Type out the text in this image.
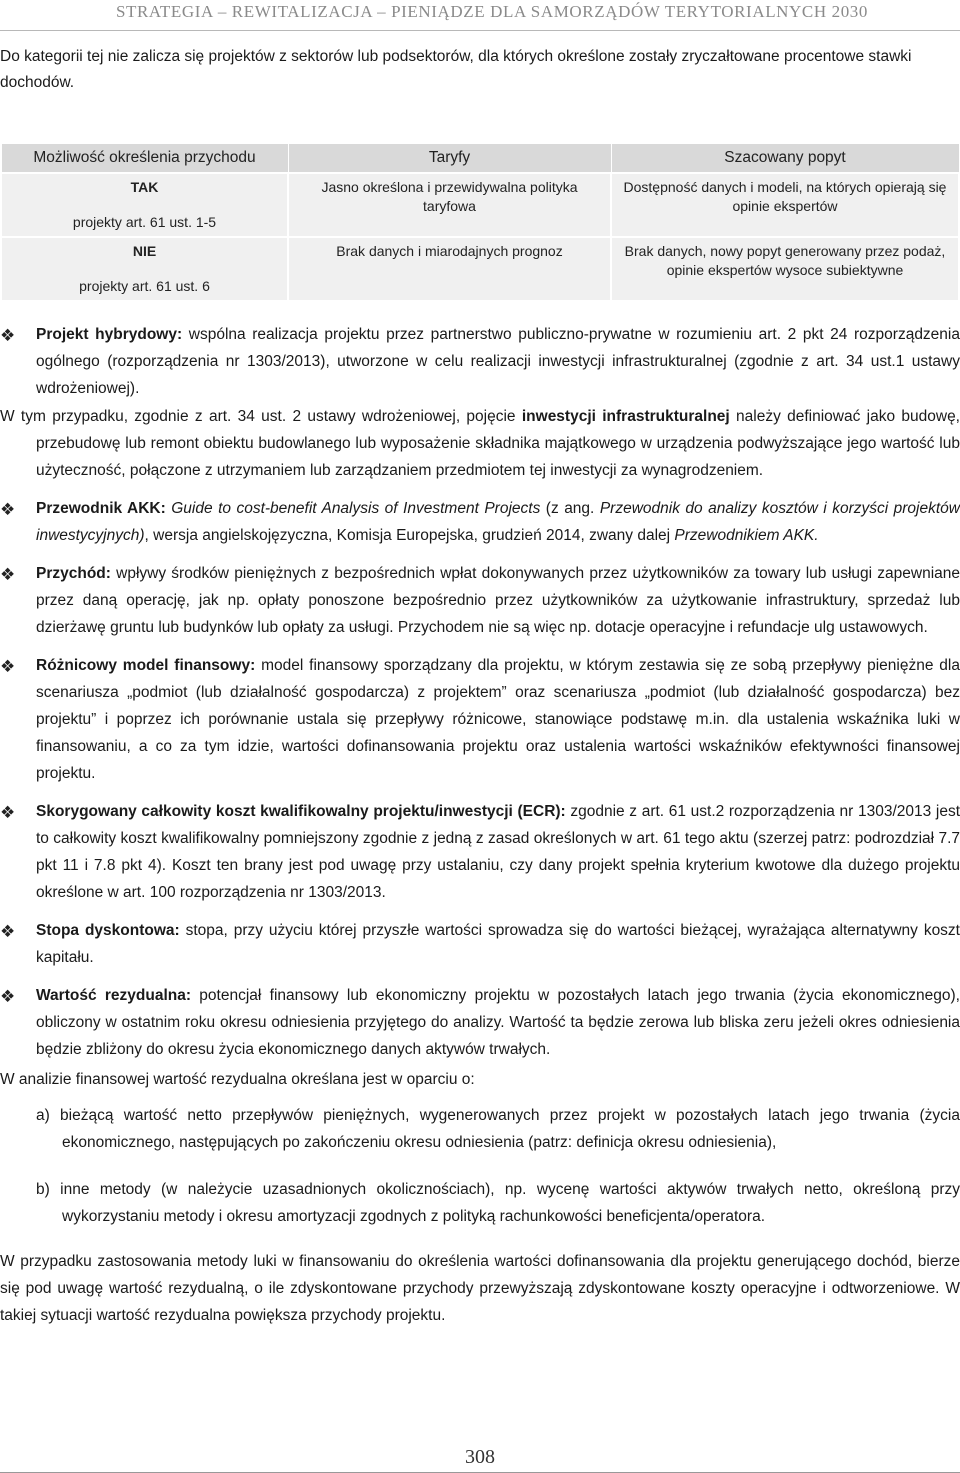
STRATEGIA – REWITALIZACJA – PIENIĄDZE DLA SAMORZĄDÓW TERYTORIALNYCH 2030

Do kategorii tej nie zalicza się projektów z sektorów lub podsektorów, dla których określone zostały zryczałtowane procentowe stawki dochodów.

Możliwość określenia przychodu	Taryfy	Szacowany popyt

TAK
projekty art. 61 ust. 1-5	Jasno określona i przewidywalna polityka taryfowa	Dostępność danych i modeli, na których opierają się opinie ekspertów

NIE
projekty art. 61 ust. 6	Brak danych i miarodajnych prognoz	Brak danych, nowy popyt generowany przez podaż, opinie ekspertów wysoce subiektywne

❖ Projekt hybrydowy: wspólna realizacja projektu przez partnerstwo publiczno-prywatne w rozumieniu art. 2 pkt 24 rozporządzenia ogólnego (rozporządzenia nr 1303/2013), utworzone w celu realizacji inwestycji infrastrukturalnej (zgodnie z art. 34 ust.1 ustawy wdrożeniowej).

W tym przypadku, zgodnie z art. 34 ust. 2 ustawy wdrożeniowej, pojęcie inwestycji infrastrukturalnej należy definiować jako budowę, przebudowę lub remont obiektu budowlanego lub wyposażenie składnika majątkowego w urządzenia podwyższające jego wartość lub użyteczność, połączone z utrzymaniem lub zarządzaniem przedmiotem tej inwestycji za wynagrodzeniem.

❖ Przewodnik AKK: Guide to cost-benefit Analysis of Investment Projects (z ang. Przewodnik do analizy kosztów i korzyści projektów inwestycyjnych), wersja angielskojęzyczna, Komisja Europejska, grudzień 2014, zwany dalej Przewodnikiem AKK.

❖ Przychód: wpływy środków pieniężnych z bezpośrednich wpłat dokonywanych przez użytkowników za towary lub usługi zapewniane przez daną operację, jak np. opłaty ponoszone bezpośrednio przez użytkowników za użytkowanie infrastruktury, sprzedaż lub dzierżawę gruntu lub budynków lub opłaty za usługi. Przychodem nie są więc np. dotacje operacyjne i refundacje ulg ustawowych.

❖ Różnicowy model finansowy: model finansowy sporządzany dla projektu, w którym zestawia się ze sobą przepływy pieniężne dla scenariusza „podmiot (lub działalność gospodarcza) z projektem” oraz scenariusza „podmiot (lub działalność gospodarcza) bez projektu” i poprzez ich porównanie ustala się przepływy różnicowe, stanowiące podstawę m.in. dla ustalenia wskaźnika luki w finansowaniu, a co za tym idzie, wartości dofinansowania projektu oraz ustalenia wartości wskaźników efektywności finansowej projektu.

❖ Skorygowany całkowity koszt kwalifikowalny projektu/inwestycji (ECR): zgodnie z art. 61 ust.2 rozporządzenia nr 1303/2013 jest to całkowity koszt kwalifikowalny pomniejszony zgodnie z jedną z zasad określonych w art. 61 tego aktu (szerzej patrz: podrozdział 7.7 pkt 11 i 7.8 pkt 4). Koszt ten brany jest pod uwagę przy ustalaniu, czy dany projekt spełnia kryterium kwotowe dla dużego projektu określone w art. 100 rozporządzenia nr 1303/2013.

❖ Stopa dyskontowa: stopa, przy użyciu której przyszłe wartości sprowadza się do wartości bieżącej, wyrażająca alternatywny koszt kapitału.

❖ Wartość rezydualna: potencjał finansowy lub ekonomiczny projektu w pozostałych latach jego trwania (życia ekonomicznego), obliczony w ostatnim roku okresu odniesienia przyjętego do analizy. Wartość ta będzie zerowa lub bliska zeru jeżeli okres odniesienia będzie zbliżony do okresu życia ekonomicznego danych aktywów trwałych.

W analizie finansowej wartość rezydualna określana jest w oparciu o:

a) bieżącą wartość netto przepływów pieniężnych, wygenerowanych przez projekt w pozostałych latach jego trwania (życia ekonomicznego, następujących po zakończeniu okresu odniesienia (patrz: definicja okresu odniesienia),

b) inne metody (w należycie uzasadnionych okolicznościach), np. wycenę wartości aktywów trwałych netto, określoną przy wykorzystaniu metody i okresu amortyzacji zgodnych z polityką rachunkowości beneficjenta/operatora.

W przypadku zastosowania metody luki w finansowaniu do określenia wartości dofinansowania dla projektu generującego dochód, bierze się pod uwagę wartość rezydualną, o ile zdyskontowane przychody przewyższają zdyskontowane koszty operacyjne i odtworzeniowe. W takiej sytuacji wartość rezydualna powiększa przychody projektu.

308
